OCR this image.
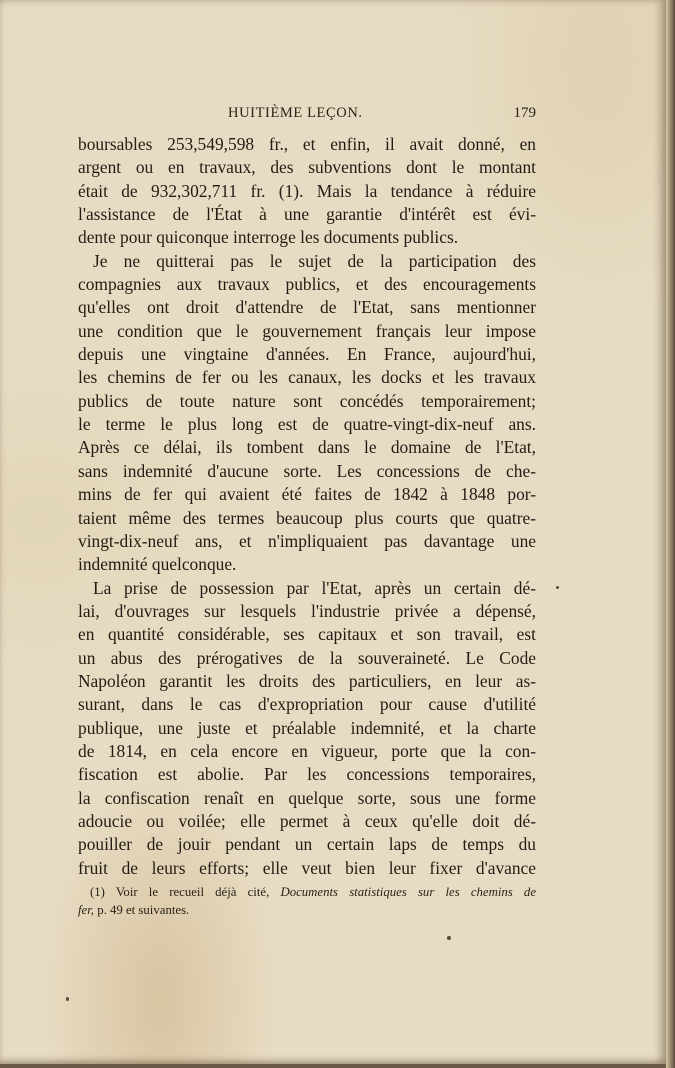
HUITIÈME LEÇON.	179
boursables 253,549,598 fr., et enfin, il avait donné, en
argent ou en travaux, des subventions dont le montant
était de 932,302,711 fr. (1). Mais la tendance à réduire
l'assistance de l'État à une garantie d'intérêt est évi-
dente pour quiconque interroge les documents publics.
Je ne quitterai pas le sujet de la participation des
compagnies aux travaux publics, et des encouragements
qu'elles ont droit d'attendre de l'Etat, sans mentionner
une condition que le gouvernement français leur impose
depuis une vingtaine d'années. En France, aujourd'hui,
les chemins de fer ou les canaux, les docks et les travaux
publics de toute nature sont concédés temporairement;
le terme le plus long est de quatre-vingt-dix-neuf ans.
Après ce délai, ils tombent dans le domaine de l'Etat,
sans indemnité d'aucune sorte. Les concessions de che-
mins de fer qui avaient été faites de 1842 à 1848 por-
taient même des termes beaucoup plus courts que quatre-
vingt-dix-neuf ans, et n'impliquaient pas davantage une
indemnité quelconque.
La prise de possession par l'Etat, après un certain dé-
lai, d'ouvrages sur lesquels l'industrie privée a dépensé,
en quantité considérable, ses capitaux et son travail, est
un abus des prérogatives de la souveraineté. Le Code
Napoléon garantit les droits des particuliers, en leur as-
surant, dans le cas d'expropriation pour cause d'utilité
publique, une juste et préalable indemnité, et la charte
de 1814, en cela encore en vigueur, porte que la con-
fiscation est abolie. Par les concessions temporaires,
la confiscation renaît en quelque sorte, sous une forme
adoucie ou voilée; elle permet à ceux qu'elle doit dé-
pouiller de jouir pendant un certain laps de temps du
fruit de leurs efforts; elle veut bien leur fixer d'avance
(1) Voir le recueil déjà cité, Documents statistiques sur les chemins de
fer, p. 49 et suivantes.
